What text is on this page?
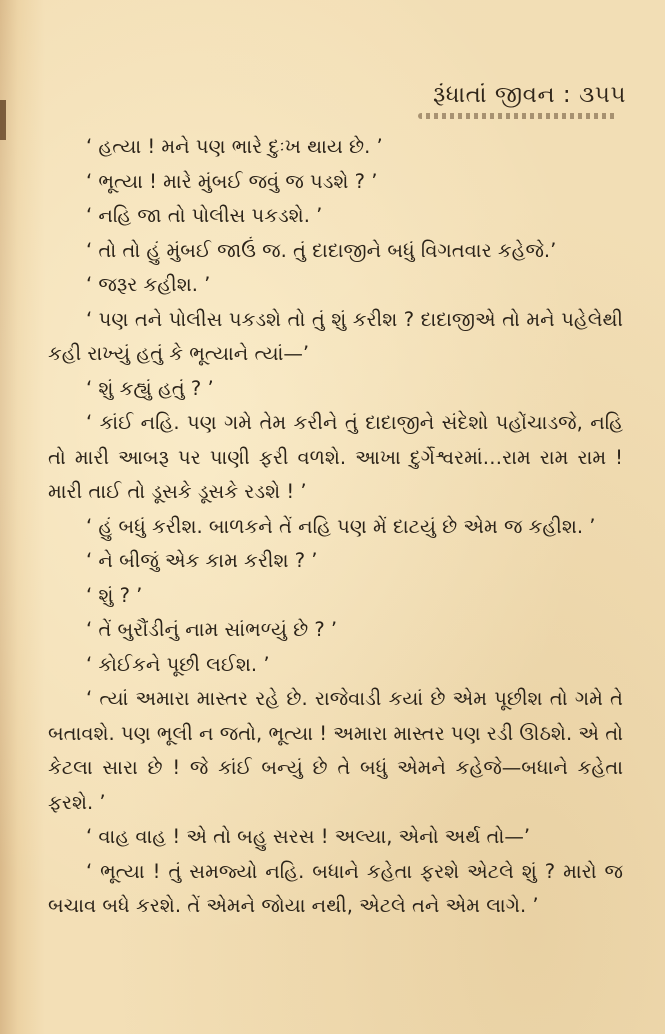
રૂંધાતાં જીવન : ૩૫૫

‘ હત્યા ! મને પણ ભારે દુઃખ થાય છે. ’

‘ ભૂત્યા ! મારે મુંબઈ જવું જ પડશે ? ’

‘ નહિ જા તો પોલીસ પકડશે. ’

‘ તો તો હું મુંબઈ જાઉં જ. તું દાદાજીને બધું વિગતવાર કહેજે.’

‘ જરૂર કહીશ. ’

‘ પણ તને પોલીસ પકડશે તો તું શું કરીશ ? દાદાજીએ તો મને પહેલેથી કહી રાખ્યું હતું કે ભૂત્યાને ત્યાં—’

‘ શું કહ્યું હતું ? ’

‘ કાંઈ નહિ. પણ ગમે તેમ કરીને તું દાદાજીને સંદેશો પહોંચાડજે, નહિ તો મારી આબરૂ પર પાણી ફરી વળશે. આખા દુર્ગેશ્વરમાં…રામ રામ રામ ! મારી તાઈ તો ડૂસકે ડૂસકે રડશે ! ’

‘ હું બધું કરીશ. બાળકને તેં નહિ પણ મેં દાટયું છે એમ જ કહીશ. ’

‘ ને બીજું એક કામ કરીશ ? ’

‘ શું ? ’

‘ તેં બુરૌંડીનું નામ સાંભળ્યું છે ? ’

‘ કોઈકને પૂછી લઈશ. ’

‘ ત્યાં અમારા માસ્તર રહે છે. રાજેવાડી કયાં છે એમ પૂછીશ તો ગમે તે બતાવશે. પણ ભૂલી ન જતો, ભૂત્યા ! અમારા માસ્તર પણ રડી ઊઠશે. એ તો કેટલા સારા છે ! જે કાંઈ બન્યું છે તે બધું એમને કહેજે—બધાને કહેતા ફરશે. ’

‘ વાહ વાહ ! એ તો બહુ સરસ ! અલ્યા, એનો અર્થ તો—’

‘ ભૂત્યા ! તું સમજ્યો નહિ. બધાને કહેતા ફરશે એટલે શું ? મારો જ બચાવ બધે કરશે. તેં એમને જોયા નથી, એટલે તને એમ લાગે. ’
